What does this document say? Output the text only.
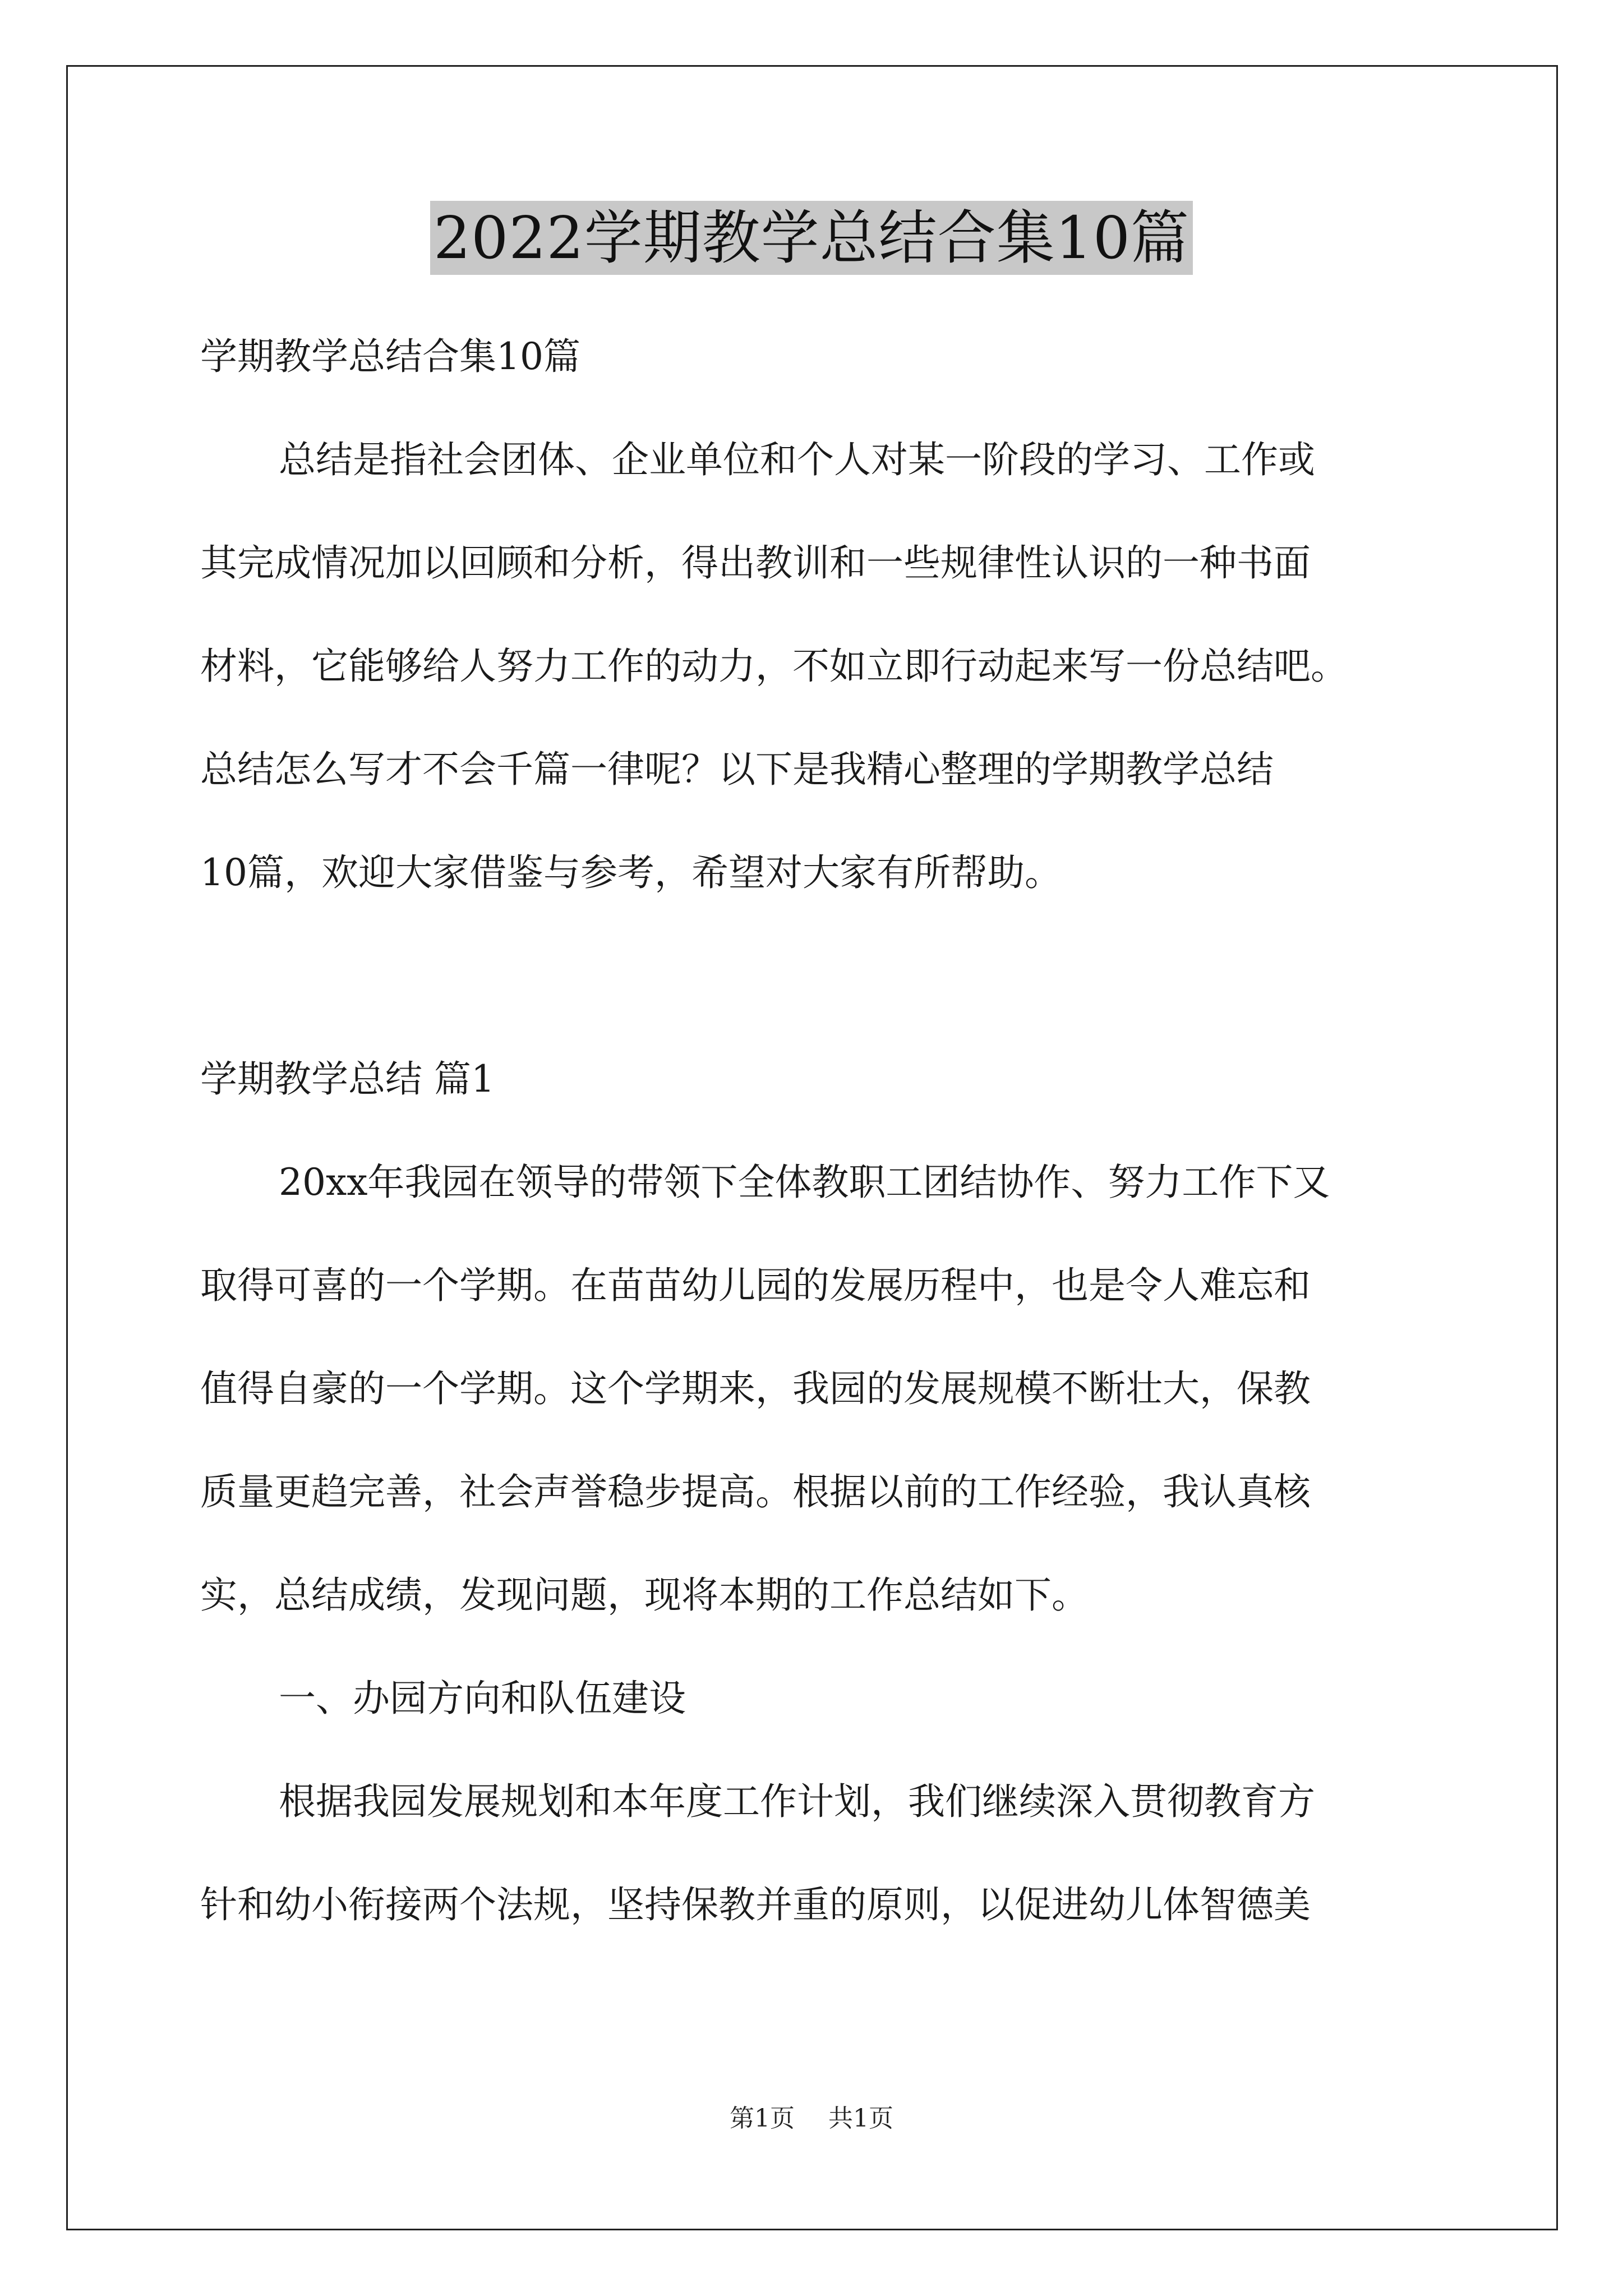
2022学期教学总结合集10篇
学期教学总结合集10篇
总结是指社会团体、企业单位和个人对某一阶段的学习、工作或
其完成情况加以回顾和分析，得出教训和一些规律性认识的一种书面
材料，它能够给人努力工作的动力，不如立即行动起来写一份总结吧。
总结怎么写才不会千篇一律呢？以下是我精心整理的学期教学总结
10篇，欢迎大家借鉴与参考，希望对大家有所帮助。
学期教学总结 篇1
20xx年我园在领导的带领下全体教职工团结协作、努力工作下又
取得可喜的一个学期。在苗苗幼儿园的发展历程中，也是令人难忘和
值得自豪的一个学期。这个学期来，我园的发展规模不断壮大，保教
质量更趋完善，社会声誉稳步提高。根据以前的工作经验，我认真核
实，总结成绩，发现问题，现将本期的工作总结如下。
一、办园方向和队伍建设
根据我园发展规划和本年度工作计划，我们继续深入贯彻教育方
针和幼小衔接两个法规，坚持保教并重的原则，以促进幼儿体智德美
第1页 共1页
